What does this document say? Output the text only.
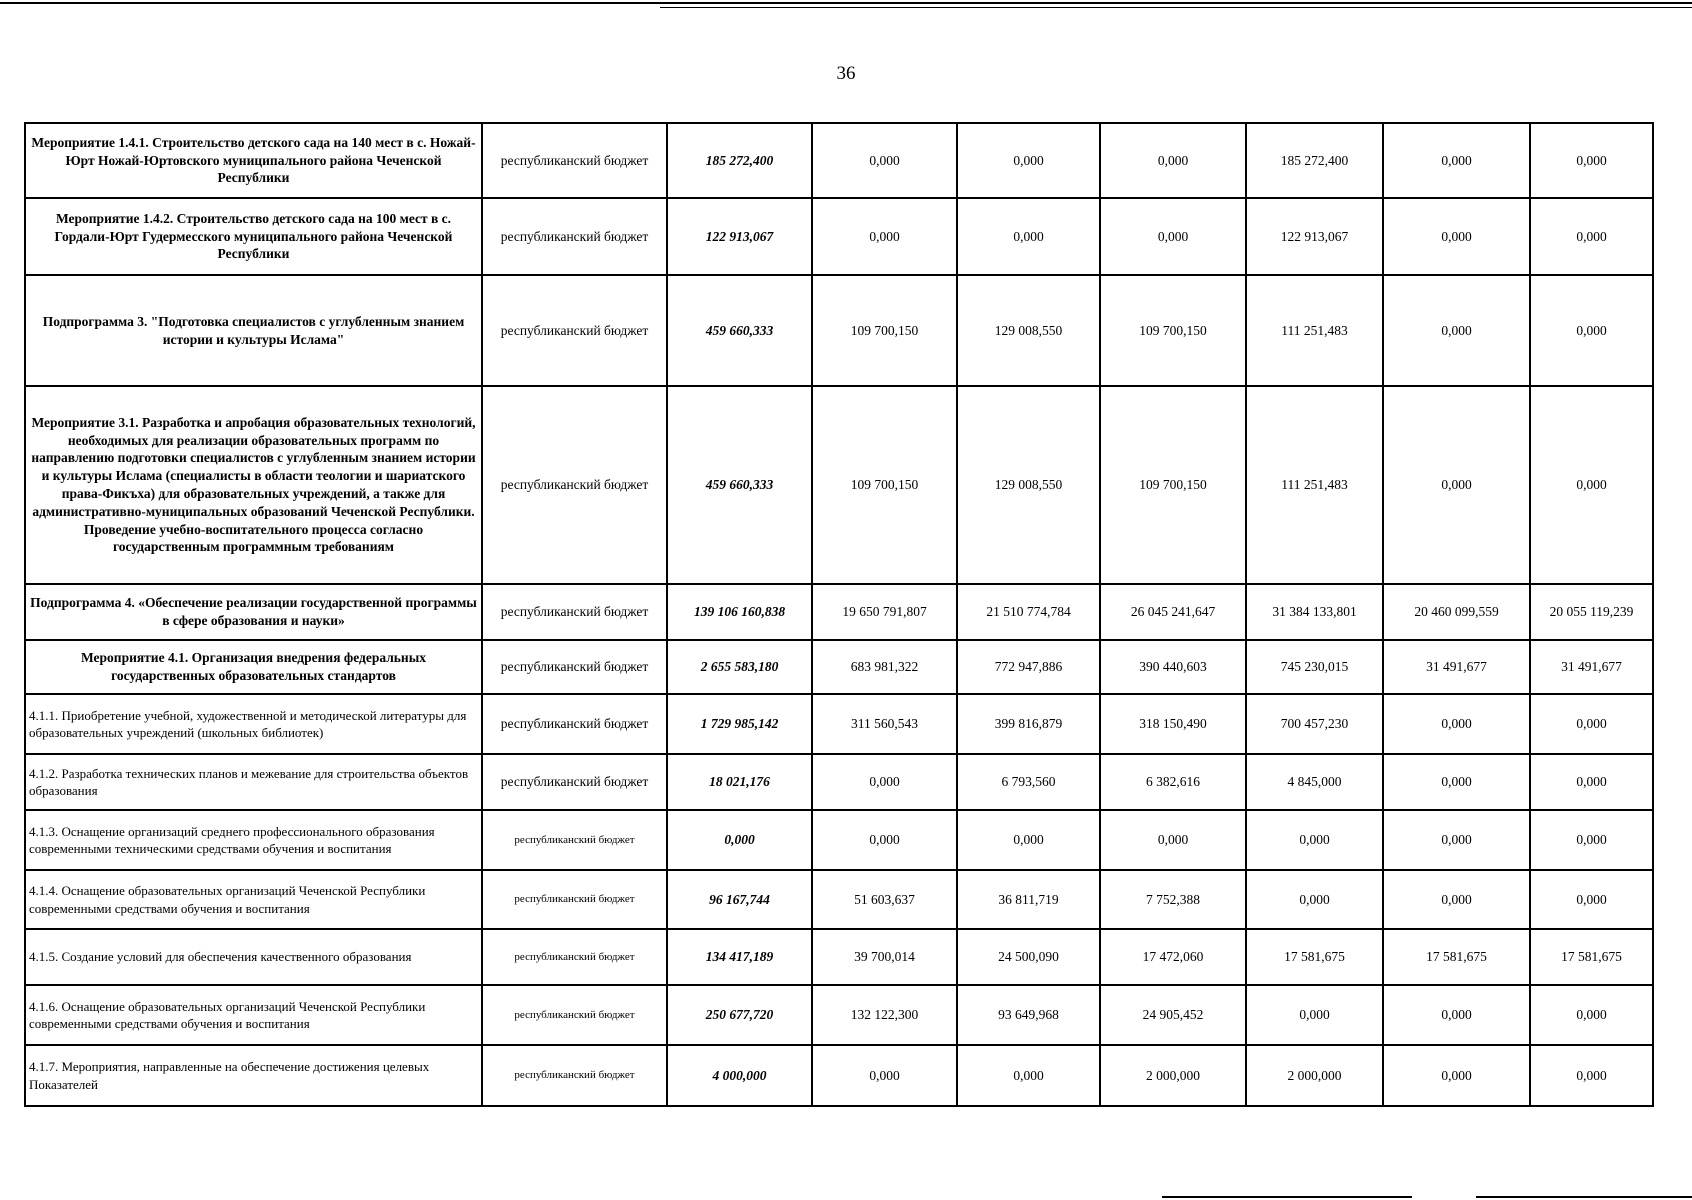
36
Мероприятие 1.4.1. Строительство детского сада на 140 мест в с. Ножай-Юрт Ножай-Юртовского муниципального района Чеченской Республики	республиканский бюджет	185 272,400	0,000	0,000	0,000	185 272,400	0,000	0,000
Мероприятие 1.4.2. Строительство детского сада на 100 мест в с. Гордали-Юрт Гудермесского муниципального района Чеченской Республики	республиканский бюджет	122 913,067	0,000	0,000	0,000	122 913,067	0,000	0,000
Подпрограмма 3. "Подготовка специалистов с углубленным знанием истории и культуры Ислама"	республиканский бюджет	459 660,333	109 700,150	129 008,550	109 700,150	111 251,483	0,000	0,000
Мероприятие 3.1. Разработка и апробация образовательных технологий, необходимых для реализации образовательных программ по направлению подготовки специалистов с углубленным знанием истории и культуры Ислама (специалисты в области теологии и шариатского права-Фикъха) для образовательных учреждений, а также для административно-муниципальных образований Чеченской Республики. Проведение учебно-воспитательного процесса согласно государственным программным требованиям	республиканский бюджет	459 660,333	109 700,150	129 008,550	109 700,150	111 251,483	0,000	0,000
Подпрограмма 4. «Обеспечение реализации государственной программы в сфере образования и науки»	республиканский бюджет	139 106 160,838	19 650 791,807	21 510 774,784	26 045 241,647	31 384 133,801	20 460 099,559	20 055 119,239
Мероприятие 4.1. Организация внедрения федеральных государственных образовательных стандартов	республиканский бюджет	2 655 583,180	683 981,322	772 947,886	390 440,603	745 230,015	31 491,677	31 491,677
4.1.1. Приобретение учебной, художественной и методической литературы для образовательных учреждений (школьных библиотек)	республиканский бюджет	1 729 985,142	311 560,543	399 816,879	318 150,490	700 457,230	0,000	0,000
4.1.2. Разработка технических планов и межевание для строительства объектов образования	республиканский бюджет	18 021,176	0,000	6 793,560	6 382,616	4 845,000	0,000	0,000
4.1.3. Оснащение организаций среднего профессионального образования современными техническими средствами обучения и воспитания	республиканский бюджет	0,000	0,000	0,000	0,000	0,000	0,000	0,000
4.1.4. Оснащение образовательных организаций Чеченской Республики современными средствами обучения и воспитания	республиканский бюджет	96 167,744	51 603,637	36 811,719	7 752,388	0,000	0,000	0,000
4.1.5. Создание условий для обеспечения качественного образования	республиканский бюджет	134 417,189	39 700,014	24 500,090	17 472,060	17 581,675	17 581,675	17 581,675
4.1.6. Оснащение образовательных организаций Чеченской Республики современными средствами обучения и воспитания	республиканский бюджет	250 677,720	132 122,300	93 649,968	24 905,452	0,000	0,000	0,000
4.1.7. Мероприятия, направленные на обеспечение достижения целевых Показателей	республиканский бюджет	4 000,000	0,000	0,000	2 000,000	2 000,000	0,000	0,000
